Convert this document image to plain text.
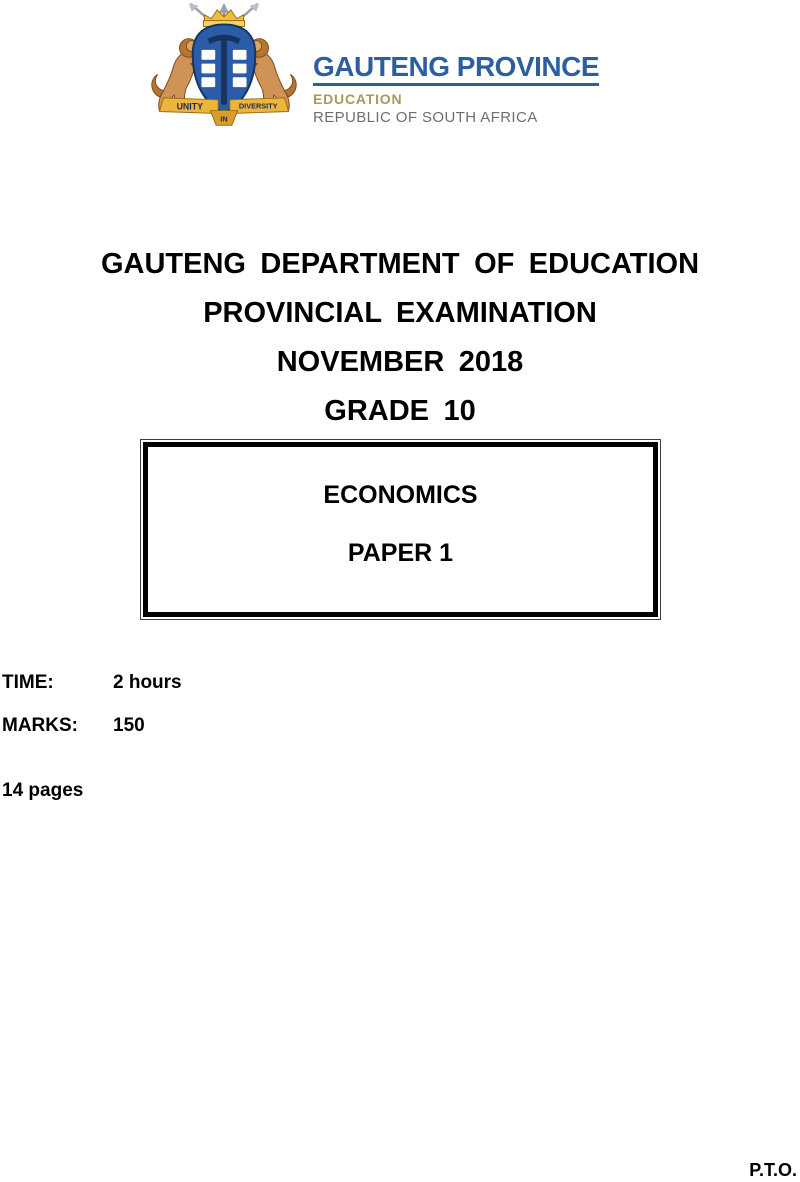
UNITY	DIVERSITY
IN
GAUTENG PROVINCE
EDUCATION
REPUBLIC OF SOUTH AFRICA
GAUTENG DEPARTMENT OF EDUCATION
PROVINCIAL EXAMINATION
NOVEMBER 2018
GRADE 10
ECONOMICS
PAPER 1
TIME:	2 hours
MARKS:	150
14 pages
P.T.O.
